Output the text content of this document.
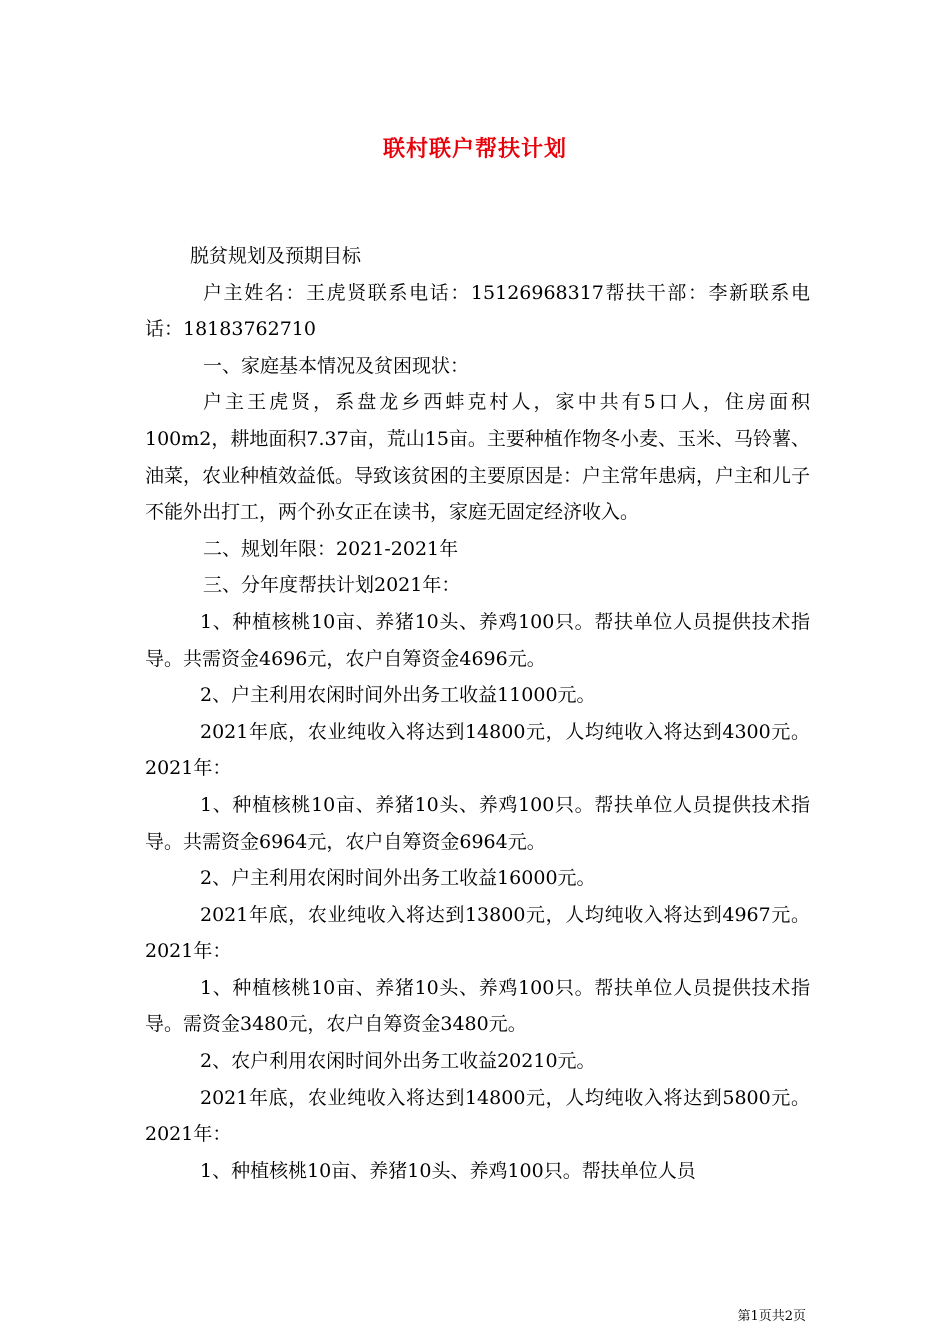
联村联户帮扶计划

脱贫规划及预期目标

户主姓名：王虎贤联系电话：15126968317帮扶干部：李新联系电话：18183762710

一、家庭基本情况及贫困现状：

户主王虎贤，系盘龙乡西蚌克村人，家中共有5口人，住房面积100m2，耕地面积7.37亩，荒山15亩。主要种植作物冬小麦、玉米、马铃薯、油菜，农业种植效益低。导致该贫困的主要原因是：户主常年患病，户主和儿子不能外出打工，两个孙女正在读书，家庭无固定经济收入。

二、规划年限：2021-2021年

三、分年度帮扶计划2021年：

1、种植核桃10亩、养猪10头、养鸡100只。帮扶单位人员提供技术指导。共需资金4696元，农户自筹资金4696元。

2、户主利用农闲时间外出务工收益11000元。

2021年底，农业纯收入将达到14800元，人均纯收入将达到4300元。2021年：

1、种植核桃10亩、养猪10头、养鸡100只。帮扶单位人员提供技术指导。共需资金6964元，农户自筹资金6964元。

2、户主利用农闲时间外出务工收益16000元。

2021年底，农业纯收入将达到13800元，人均纯收入将达到4967元。2021年：

1、种植核桃10亩、养猪10头、养鸡100只。帮扶单位人员提供技术指导。需资金3480元，农户自筹资金3480元。

2、农户利用农闲时间外出务工收益20210元。

2021年底，农业纯收入将达到14800元，人均纯收入将达到5800元。2021年：

1、种植核桃10亩、养猪10头、养鸡100只。帮扶单位人员

第1页共2页
